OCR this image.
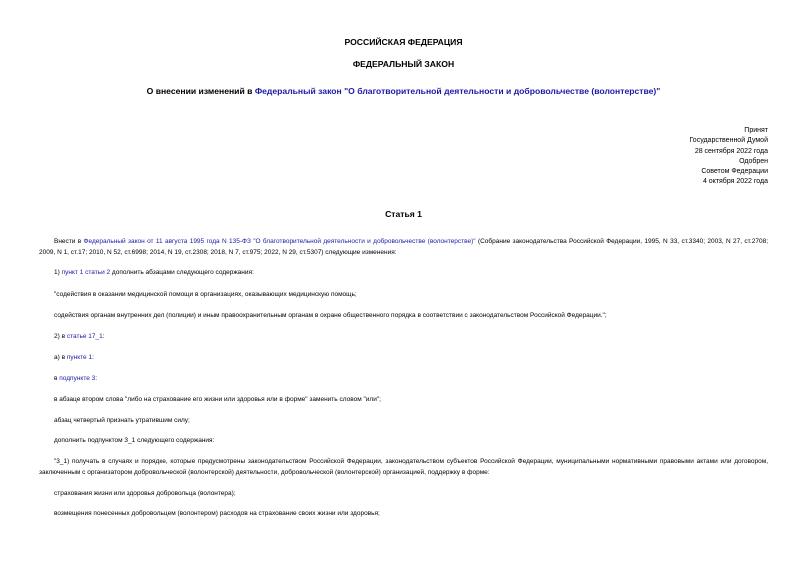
РОССИЙСКАЯ ФЕДЕРАЦИЯ
ФЕДЕРАЛЬНЫЙ ЗАКОН
О внесении изменений в Федеральный закон "О благотворительной деятельности и добровольчестве (волонтерстве)"
Принят
Государственной Думой
28 сентября 2022 года
Одобрен
Советом Федерации
4 октября 2022 года
Статья 1
Внести в Федеральный закон от 11 августа 1995 года N 135-ФЗ "О благотворительной деятельности и добровольчестве (волонтерстве)" (Собрание законодательства Российской Федерации, 1995, N 33, ст.3340; 2003, N 27, ст.2708; 2009, N 1, ст.17; 2010, N 52, ст.6998; 2014, N 19, ст.2308; 2018, N 7, ст.975; 2022, N 29, ст.5307) следующие изменения:
1) пункт 1 статьи 2 дополнить абзацами следующего содержания:
"содействия в оказании медицинской помощи в организациях, оказывающих медицинскую помощь;
содействия органам внутренних дел (полиции) и иным правоохранительным органам в охране общественного порядка в соответствии с законодательством Российской Федерации.";
2) в статье 17_1:
а) в пункте 1:
в подпункте 3:
в абзаце втором слова "либо на страхование его жизни или здоровья или в форме" заменить словом "или";
абзац четвертый признать утратившим силу;
дополнить подпунктом 3_1 следующего содержания:
"3_1) получать в случаях и порядке, которые предусмотрены законодательством Российской Федерации, законодательством субъектов Российской Федерации, муниципальными нормативными правовыми актами или договором, заключенным с организатором добровольческой (волонтерской) деятельности, добровольческой (волонтерской) организацией, поддержку в форме:
страхования жизни или здоровья добровольца (волонтера);
возмещения понесенных добровольцем (волонтером) расходов на страхование своих жизни или здоровья;
